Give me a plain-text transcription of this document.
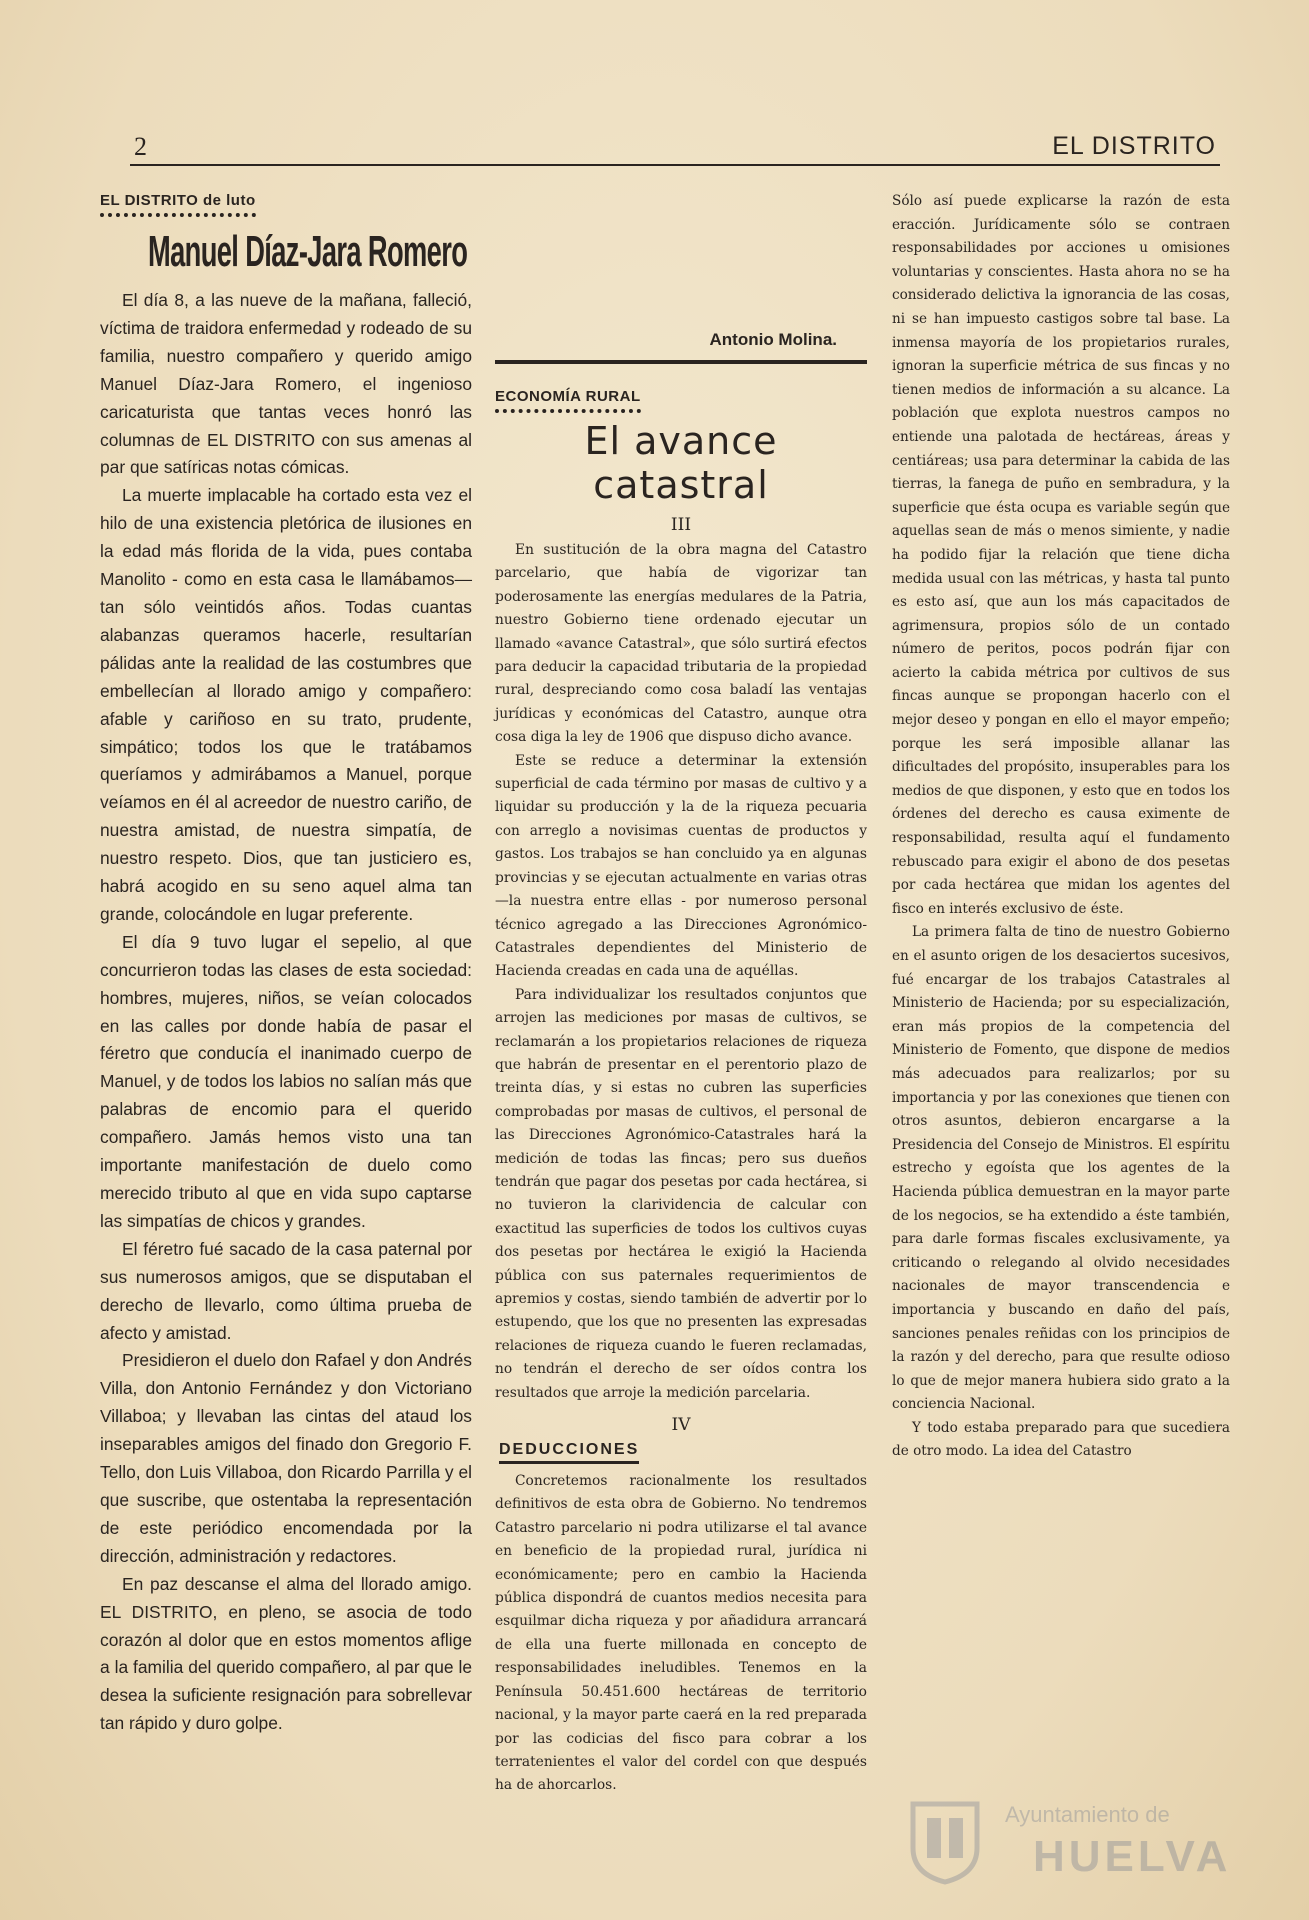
2	EL DISTRITO
EL DISTRITO de luto
Manuel Díaz-Jara Romero

El día 8, a las nueve de la mañana, falleció, víctima de traidora enfermedad y rodeado de su familia, nuestro compañero y querido amigo Manuel Díaz-Jara Romero, el ingenioso caricaturista que tantas veces honró las columnas de EL DISTRITO con sus amenas al par que satíricas notas cómicas.

La muerte implacable ha cortado esta vez el hilo de una existencia pletórica de ilusiones en la edad más florida de la vida, pues contaba Manolito - como en esta casa le llamábamos—tan sólo veintidós años. Todas cuantas alabanzas queramos hacerle, resultarían pálidas ante la realidad de las costumbres que embellecían al llorado amigo y compañero: afable y cariñoso en su trato, prudente, simpático; todos los que le tratábamos queríamos y admirábamos a Manuel, porque veíamos en él al acreedor de nuestro cariño, de nuestra amistad, de nuestra simpatía, de nuestro respeto. Dios, que tan justiciero es, habrá acogido en su seno aquel alma tan grande, colocándole en lugar preferente.

El día 9 tuvo lugar el sepelio, al que concurrieron todas las clases de esta sociedad: hombres, mujeres, niños, se veían colocados en las calles por donde había de pasar el féretro que conducía el inanimado cuerpo de Manuel, y de todos los labios no salían más que palabras de encomio para el querido compañero. Jamás hemos visto una tan importante manifestación de duelo como merecido tributo al que en vida supo captarse las simpatías de chicos y grandes.

El féretro fué sacado de la casa paternal por sus numerosos amigos, que se disputaban el derecho de llevarlo, como última prueba de afecto y amistad.

Presidieron el duelo don Rafael y don Andrés Villa, don Antonio Fernández y don Victoriano Villaboa; y llevaban las cintas del ataud los inseparables amigos del finado don Gregorio F. Tello, don Luis Villaboa, don Ricardo Parrilla y el que suscribe, que ostentaba la representación de este periódico encomendada por la dirección, administración y redactores.

En paz descanse el alma del llorado amigo. EL DISTRITO, en pleno, se asocia de todo corazón al dolor que en estos momentos aflige a la familia del querido compañero, al par que le desea la suficiente resignación para sobrellevar tan rápido y duro golpe.

Antonio Molina.
ECONOMÍA RURAL
El avance catastral
III

En sustitución de la obra magna del Catastro parcelario, que había de vigorizar tan poderosamente las energías medulares de la Patria, nuestro Gobierno tiene ordenado ejecutar un llamado «avance Catastral», que sólo surtirá efectos para deducir la capacidad tributaria de la propiedad rural, despreciando como cosa baladí las ventajas jurídicas y económicas del Catastro, aunque otra cosa diga la ley de 1906 que dispuso dicho avance.

Este se reduce a determinar la extensión superficial de cada término por masas de cultivo y a liquidar su producción y la de la riqueza pecuaria con arreglo a novisimas cuentas de productos y gastos. Los trabajos se han concluido ya en algunas provincias y se ejecutan actualmente en varias otras—la nuestra entre ellas - por numeroso personal técnico agregado a las Direcciones Agronómico-Catastrales dependientes del Ministerio de Hacienda creadas en cada una de aquéllas.

Para individualizar los resultados conjuntos que arrojen las mediciones por masas de cultivos, se reclamarán a los propietarios relaciones de riqueza que habrán de presentar en el perentorio plazo de treinta días, y si estas no cubren las superficies comprobadas por masas de cultivos, el personal de las Direcciones Agronómico-Catastrales hará la medición de todas las fincas; pero sus dueños tendrán que pagar dos pesetas por cada hectárea, si no tuvieron la clarividencia de calcular con exactitud las superficies de todos los cultivos cuyas dos pesetas por hectárea le exigió la Hacienda pública con sus paternales requerimientos de apremios y costas, siendo también de advertir por lo estupendo, que los que no presenten las expresadas relaciones de riqueza cuando le fueren reclamadas, no tendrán el derecho de ser oídos contra los resultados que arroje la medición parcelaria.

IV
DEDUCCIONES

Concretemos racionalmente los resultados definitivos de esta obra de Gobierno. No tendremos Catastro parcelario ni podra utilizarse el tal avance en beneficio de la propiedad rural, jurídica ni económicamente; pero en cambio la Hacienda pública dispondrá de cuantos medios necesita para esquilmar dicha riqueza y por añadidura arrancará de ella una fuerte millonada en concepto de responsabilidades ineludibles. Tenemos en la Península 50.451.600 hectáreas de territorio nacional, y la mayor parte caerá en la red preparada por las codicias del fisco para cobrar a los terratenientes el valor del cordel con que después ha de ahorcarlos.

Sólo así puede explicarse la razón de esta eracción. Jurídicamente sólo se contraen responsabilidades por acciones u omisiones voluntarias y conscientes. Hasta ahora no se ha considerado delictiva la ignorancia de las cosas, ni se han impuesto castigos sobre tal base. La inmensa mayoría de los propietarios rurales, ignoran la superficie métrica de sus fincas y no tienen medios de información a su alcance. La población que explota nuestros campos no entiende una palotada de hectáreas, áreas y centiáreas; usa para determinar la cabida de las tierras, la fanega de puño en sembradura, y la superficie que ésta ocupa es variable según que aquellas sean de más o menos simiente, y nadie ha podido fijar la relación que tiene dicha medida usual con las métricas, y hasta tal punto es esto así, que aun los más capacitados de agrimensura, propios sólo de un contado número de peritos, pocos podrán fijar con acierto la cabida métrica por cultivos de sus fincas aunque se propongan hacerlo con el mejor deseo y pongan en ello el mayor empeño; porque les será imposible allanar las dificultades del propósito, insuperables para los medios de que disponen, y esto que en todos los órdenes del derecho es causa eximente de responsabilidad, resulta aquí el fundamento rebuscado para exigir el abono de dos pesetas por cada hectárea que midan los agentes del fisco en interés exclusivo de éste.

La primera falta de tino de nuestro Gobierno en el asunto origen de los desaciertos sucesivos, fué encargar de los trabajos Catastrales al Ministerio de Hacienda; por su especialización, eran más propios de la competencia del Ministerio de Fomento, que dispone de medios más adecuados para realizarlos; por su importancia y por las conexiones que tienen con otros asuntos, debieron encargarse a la Presidencia del Consejo de Ministros. El espíritu estrecho y egoísta que los agentes de la Hacienda pública demuestran en la mayor parte de los negocios, se ha extendido a éste también, para darle formas fiscales exclusivamente, ya criticando o relegando al olvido necesidades nacionales de mayor transcendencia e importancia y buscando en daño del país, sanciones penales reñidas con los principios de la razón y del derecho, para que resulte odioso lo que de mejor manera hubiera sido grato a la conciencia Nacional.

Y todo estaba preparado para que sucediera de otro modo. La idea del Catastro

Ayuntamiento de
HUELVA
